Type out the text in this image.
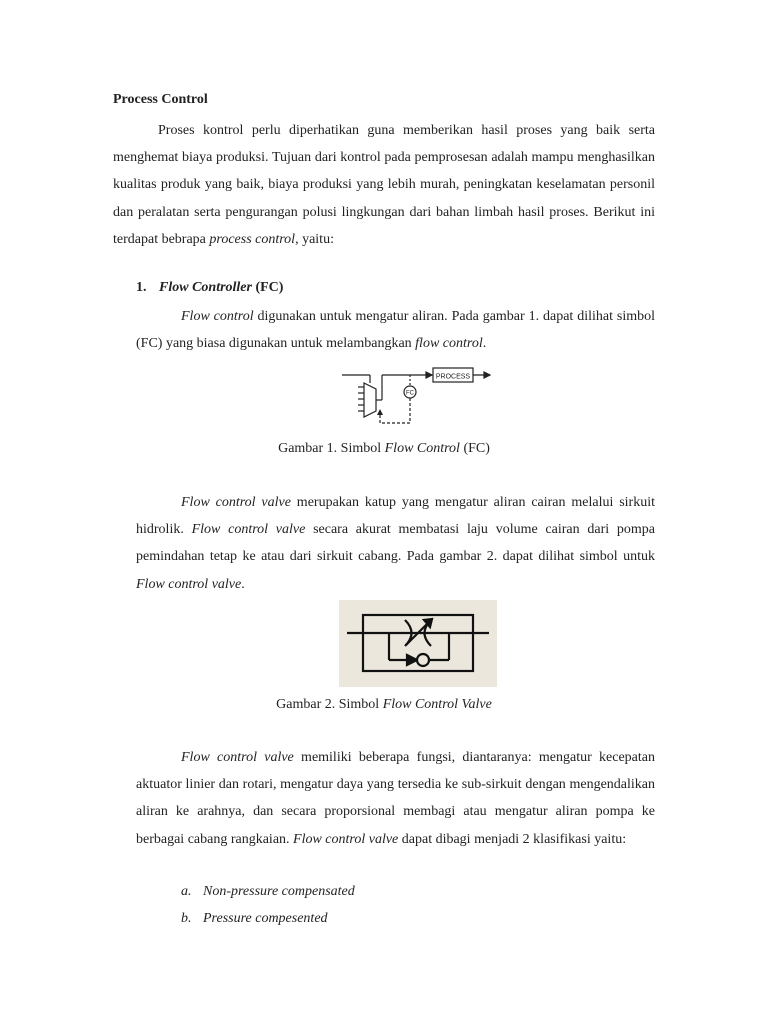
Process Control

Proses kontrol perlu diperhatikan guna memberikan hasil proses yang baik serta menghemat biaya produksi. Tujuan dari kontrol pada pemprosesan adalah mampu menghasilkan kualitas produk yang baik, biaya produksi yang lebih murah, peningkatan keselamatan personil dan peralatan serta pengurangan polusi lingkungan dari bahan limbah hasil proses. Berikut ini terdapat bebrapa process control, yaitu:

1. Flow Controller (FC)

Flow control digunakan untuk mengatur aliran. Pada gambar 1. dapat dilihat simbol (FC) yang biasa digunakan untuk melambangkan flow control.

PROCESS
FC

Gambar 1. Simbol Flow Control (FC)

Flow control valve merupakan katup yang mengatur aliran cairan melalui sirkuit hidrolik. Flow control valve secara akurat membatasi laju volume cairan dari pompa pemindahan tetap ke atau dari sirkuit cabang. Pada gambar 2. dapat dilihat simbol untuk Flow control valve.

Gambar 2. Simbol Flow Control Valve

Flow control valve memiliki beberapa fungsi, diantaranya: mengatur kecepatan aktuator linier dan rotari, mengatur daya yang tersedia ke sub-sirkuit dengan mengendalikan aliran ke arahnya, dan secara proporsional membagi atau mengatur aliran pompa ke berbagai cabang rangkaian. Flow control valve dapat dibagi menjadi 2 klasifikasi yaitu:

a. Non-pressure compensated

b. Pressure compesented
